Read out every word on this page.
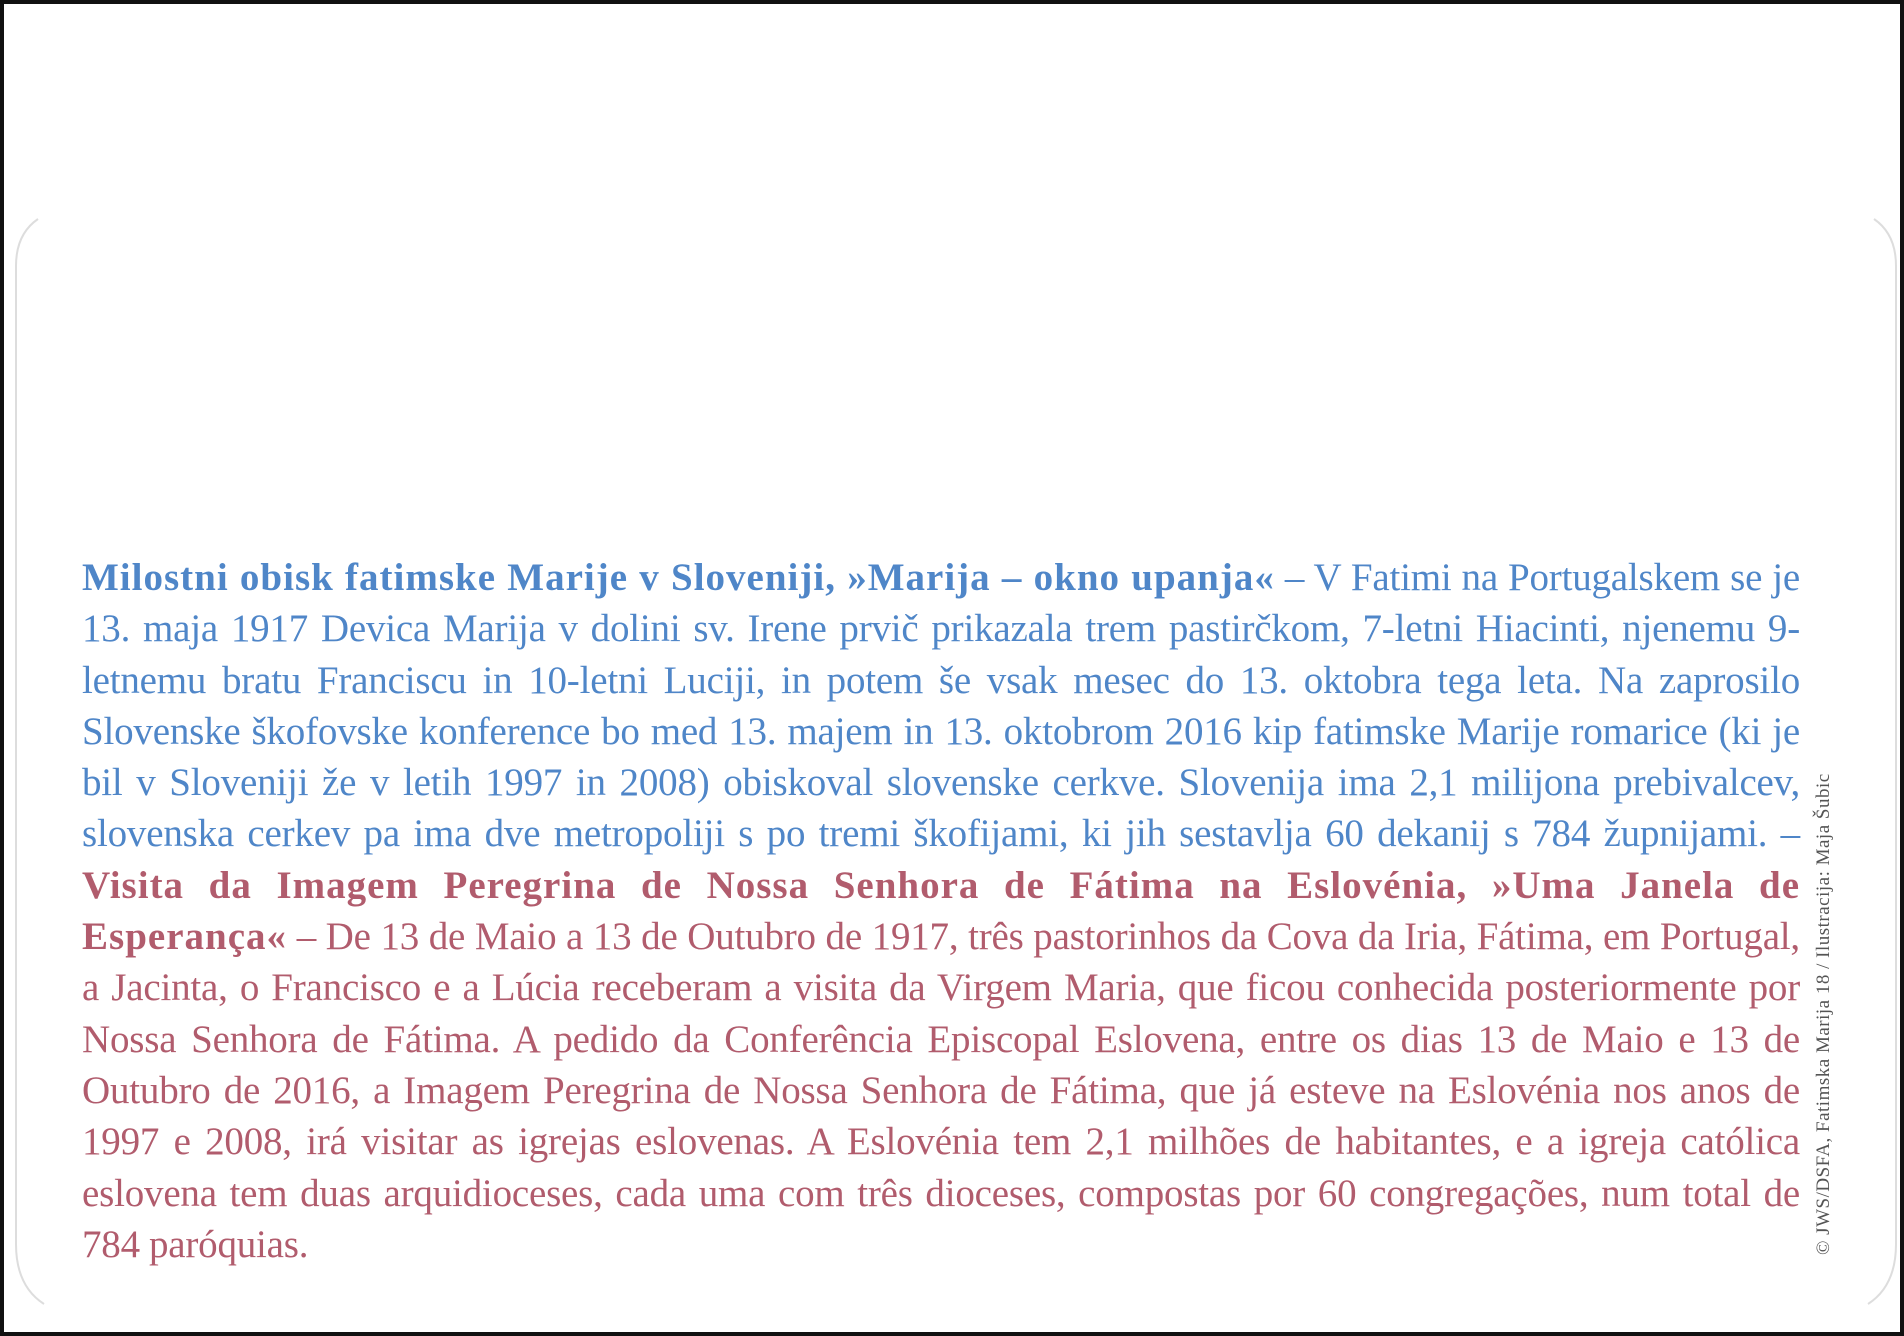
Milostni obisk fatimske Marije v Sloveniji, »Marija – okno upanja« – V Fatimi na Portugalskem se je 13. maja 1917 Devica Marija v dolini sv. Irene prvič prikazala trem pastirčkom, 7-letni Hiacinti, njenemu 9-letnemu bratu Franciscu in 10-letni Luciji, in potem še vsak mesec do 13. oktobra tega leta. Na zaprosilo Slovenske škofovske konference bo med 13. majem in 13. oktobrom 2016 kip fatimske Marije romarice (ki je bil v Sloveniji že v letih 1997 in 2008) obiskoval slovenske cerkve. Slovenija ima 2,1 milijona prebivalcev, slovenska cerkev pa ima dve metropoliji s po tremi škofijami, ki jih sestavlja 60 dekanij s 784 župnijami. – Visita da Imagem Peregrina de Nossa Senhora de Fátima na Eslovénia, »Uma Janela de Esperança« – De 13 de Maio a 13 de Outubro de 1917, três pastorinhos da Cova da Iria, Fátima, em Portugal, a Jacinta, o Francisco e a Lúcia receberam a visita da Virgem Maria, que ficou conhecida posteriormente por Nossa Senhora de Fátima. A pedido da Conferência Episcopal Eslovena, entre os dias 13 de Maio e 13 de Outubro de 2016, a Imagem Peregrina de Nossa Senhora de Fátima, que já esteve na Eslovénia nos anos de 1997 e 2008, irá visitar as igrejas eslovenas. A Eslovénia tem 2,1 milhões de habitantes, e a igreja católica eslovena tem duas arquidioceses, cada uma com três dioceses, compostas por 60 congregações, num total de 784 paróquias.	© JWS/DSFA, Fatimska Marija 18 / Ilustracija: Maja Šubic
